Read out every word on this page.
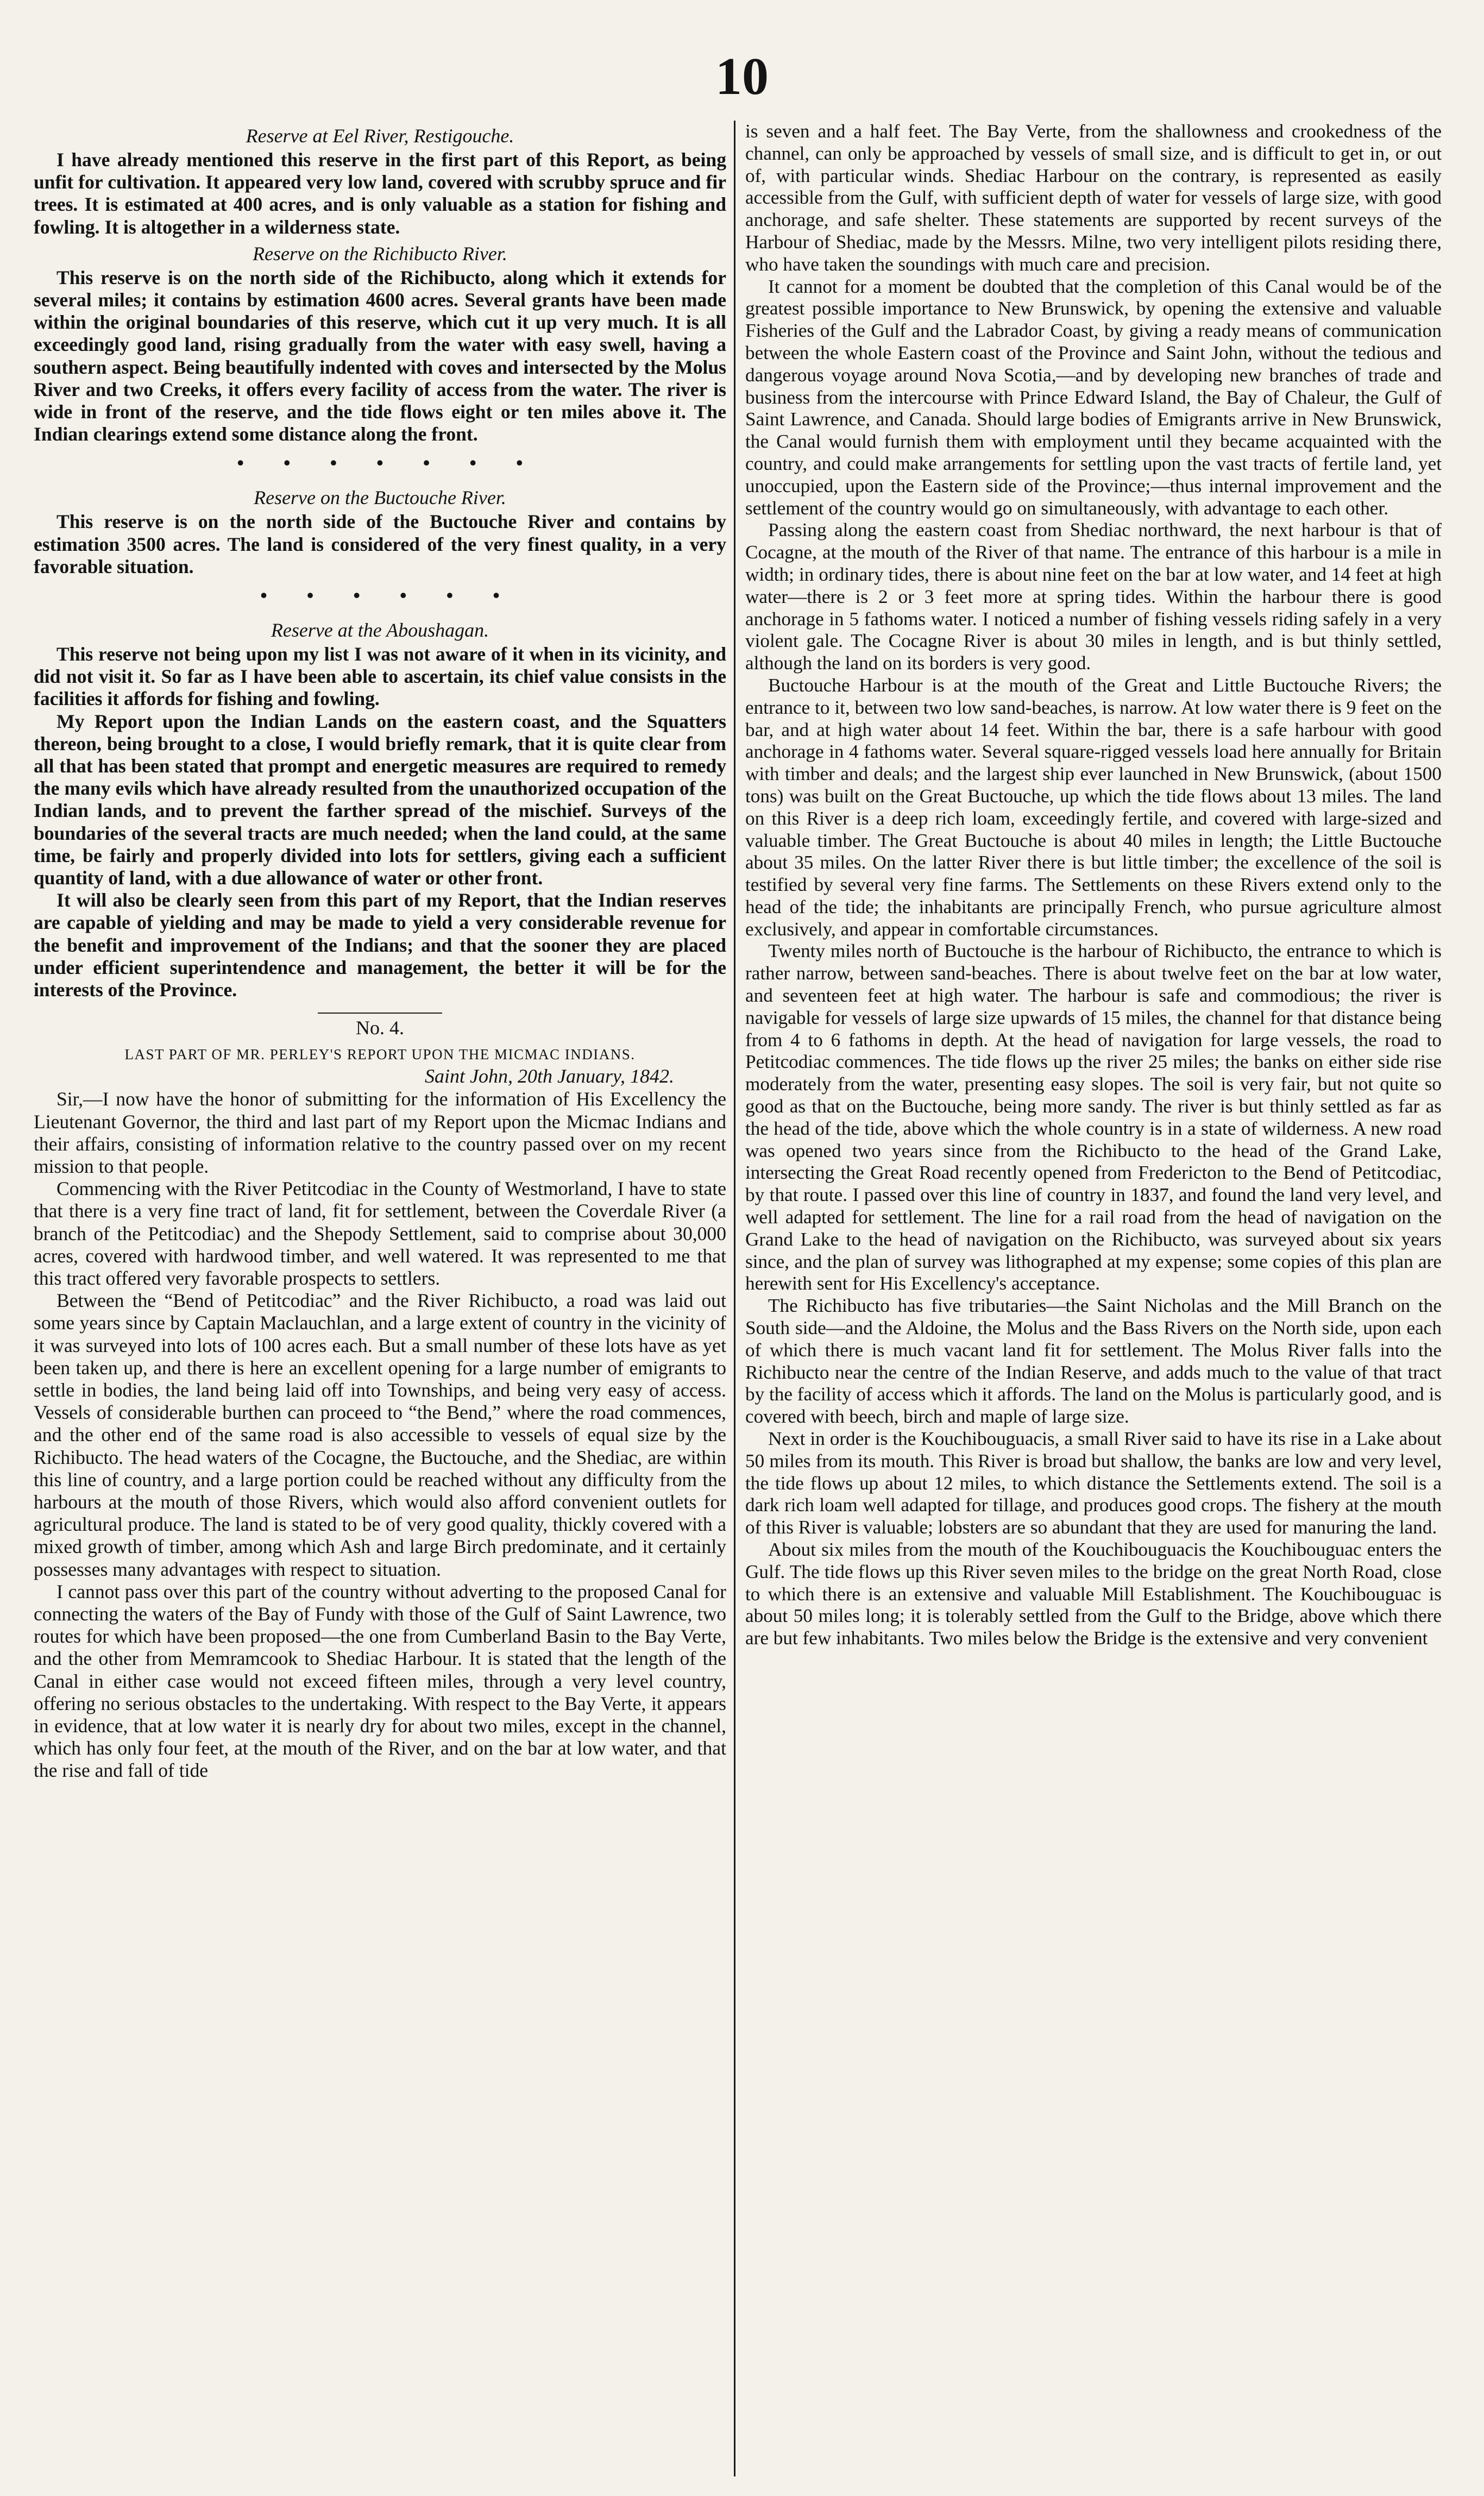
10
Reserve at Eel River, Restigouche.

I have already mentioned this reserve in the first part of this Report, as being unfit for cultivation. It appeared very low land, covered with scrubby spruce and fir trees. It is estimated at 400 acres, and is only valuable as a station for fishing and fowling. It is altogether in a wilderness state.

Reserve on the Richibucto River.

This reserve is on the north side of the Richibucto, along which it extends for several miles; it contains by estimation 4600 acres. Several grants have been made within the original boundaries of this reserve, which cut it up very much. It is all exceedingly good land, rising gradually from the water with easy swell, having a southern aspect. Being beautifully indented with coves and intersected by the Molus River and two Creeks, it offers every facility of access from the water. The river is wide in front of the reserve, and the tide flows eight or ten miles above it. The Indian clearings extend some distance along the front.

• • • • • • •
Reserve on the Buctouche River.

This reserve is on the north side of the Buctouche River and contains by estimation 3500 acres. The land is considered of the very finest quality, in a very favorable situation.

• • • • • •
Reserve at the Aboushagan.

This reserve not being upon my list I was not aware of it when in its vicinity, and did not visit it. So far as I have been able to ascertain, its chief value consists in the facilities it affords for fishing and fowling.

My Report upon the Indian Lands on the eastern coast, and the Squatters thereon, being brought to a close, I would briefly remark, that it is quite clear from all that has been stated that prompt and energetic measures are required to remedy the many evils which have already resulted from the unauthorized occupation of the Indian lands, and to prevent the farther spread of the mischief. Surveys of the boundaries of the several tracts are much needed; when the land could, at the same time, be fairly and properly divided into lots for settlers, giving each a sufficient quantity of land, with a due allowance of water or other front.

It will also be clearly seen from this part of my Report, that the Indian reserves are capable of yielding and may be made to yield a very considerable revenue for the benefit and improvement of the Indians; and that the sooner they are placed under efficient superintendence and management, the better it will be for the interests of the Province.

No. 4.
LAST PART OF MR. PERLEY'S REPORT UPON THE MICMAC INDIANS.
Saint John, 20th January, 1842.

Sir,—I now have the honor of submitting for the information of His Excellency the Lieutenant Governor, the third and last part of my Report upon the Micmac Indians and their affairs, consisting of information relative to the country passed over on my recent mission to that people.

Commencing with the River Petitcodiac in the County of Westmorland, I have to state that there is a very fine tract of land, fit for settlement, between the Coverdale River (a branch of the Petitcodiac) and the Shepody Settlement, said to comprise about 30,000 acres, covered with hardwood timber, and well watered. It was represented to me that this tract offered very favorable prospects to settlers.

Between the “Bend of Petitcodiac” and the River Richibucto, a road was laid out some years since by Captain Maclauchlan, and a large extent of country in the vicinity of it was surveyed into lots of 100 acres each. But a small number of these lots have as yet been taken up, and there is here an excellent opening for a large number of emigrants to settle in bodies, the land being laid off into Townships, and being very easy of access. Vessels of considerable burthen can proceed to “the Bend,” where the road commences, and the other end of the same road is also accessible to vessels of equal size by the Richibucto. The head waters of the Cocagne, the Buctouche, and the Shediac, are within this line of country, and a large portion could be reached without any difficulty from the harbours at the mouth of those Rivers, which would also afford convenient outlets for agricultural produce. The land is stated to be of very good quality, thickly covered with a mixed growth of timber, among which Ash and large Birch predominate, and it certainly possesses many advantages with respect to situation.

I cannot pass over this part of the country without adverting to the proposed Canal for connecting the waters of the Bay of Fundy with those of the Gulf of Saint Lawrence, two routes for which have been proposed—the one from Cumberland Basin to the Bay Verte, and the other from Memramcook to Shediac Harbour. It is stated that the length of the Canal in either case would not exceed fifteen miles, through a very level country, offering no serious obstacles to the undertaking. With respect to the Bay Verte, it appears in evidence, that at low water it is nearly dry for about two miles, except in the channel, which has only four feet, at the mouth of the River, and on the bar at low water, and that the rise and fall of tide

is seven and a half feet. The Bay Verte, from the shallowness and crookedness of the channel, can only be approached by vessels of small size, and is difficult to get in, or out of, with particular winds. Shediac Harbour on the contrary, is represented as easily accessible from the Gulf, with sufficient depth of water for vessels of large size, with good anchorage, and safe shelter. These statements are supported by recent surveys of the Harbour of Shediac, made by the Messrs. Milne, two very intelligent pilots residing there, who have taken the soundings with much care and precision.

It cannot for a moment be doubted that the completion of this Canal would be of the greatest possible importance to New Brunswick, by opening the extensive and valuable Fisheries of the Gulf and the Labrador Coast, by giving a ready means of communication between the whole Eastern coast of the Province and Saint John, without the tedious and dangerous voyage around Nova Scotia,—and by developing new branches of trade and business from the intercourse with Prince Edward Island, the Bay of Chaleur, the Gulf of Saint Lawrence, and Canada. Should large bodies of Emigrants arrive in New Brunswick, the Canal would furnish them with employment until they became acquainted with the country, and could make arrangements for settling upon the vast tracts of fertile land, yet unoccupied, upon the Eastern side of the Province;—thus internal improvement and the settlement of the country would go on simultaneously, with advantage to each other.

Passing along the eastern coast from Shediac northward, the next harbour is that of Cocagne, at the mouth of the River of that name. The entrance of this harbour is a mile in width; in ordinary tides, there is about nine feet on the bar at low water, and 14 feet at high water—there is 2 or 3 feet more at spring tides. Within the harbour there is good anchorage in 5 fathoms water. I noticed a number of fishing vessels riding safely in a very violent gale. The Cocagne River is about 30 miles in length, and is but thinly settled, although the land on its borders is very good.

Buctouche Harbour is at the mouth of the Great and Little Buctouche Rivers; the entrance to it, between two low sand-beaches, is narrow. At low water there is 9 feet on the bar, and at high water about 14 feet. Within the bar, there is a safe harbour with good anchorage in 4 fathoms water. Several square-rigged vessels load here annually for Britain with timber and deals; and the largest ship ever launched in New Brunswick, (about 1500 tons) was built on the Great Buctouche, up which the tide flows about 13 miles. The land on this River is a deep rich loam, exceedingly fertile, and covered with large-sized and valuable timber. The Great Buctouche is about 40 miles in length; the Little Buctouche about 35 miles. On the latter River there is but little timber; the excellence of the soil is testified by several very fine farms. The Settlements on these Rivers extend only to the head of the tide; the inhabitants are principally French, who pursue agriculture almost exclusively, and appear in comfortable circumstances.

Twenty miles north of Buctouche is the harbour of Richibucto, the entrance to which is rather narrow, between sand-beaches. There is about twelve feet on the bar at low water, and seventeen feet at high water. The harbour is safe and commodious; the river is navigable for vessels of large size upwards of 15 miles, the channel for that distance being from 4 to 6 fathoms in depth. At the head of navigation for large vessels, the road to Petitcodiac commences. The tide flows up the river 25 miles; the banks on either side rise moderately from the water, presenting easy slopes. The soil is very fair, but not quite so good as that on the Buctouche, being more sandy. The river is but thinly settled as far as the head of the tide, above which the whole country is in a state of wilderness. A new road was opened two years since from the Richibucto to the head of the Grand Lake, intersecting the Great Road recently opened from Fredericton to the Bend of Petitcodiac, by that route. I passed over this line of country in 1837, and found the land very level, and well adapted for settlement. The line for a rail road from the head of navigation on the Grand Lake to the head of navigation on the Richibucto, was surveyed about six years since, and the plan of survey was lithographed at my expense; some copies of this plan are herewith sent for His Excellency's acceptance.

The Richibucto has five tributaries—the Saint Nicholas and the Mill Branch on the South side—and the Aldoine, the Molus and the Bass Rivers on the North side, upon each of which there is much vacant land fit for settlement. The Molus River falls into the Richibucto near the centre of the Indian Reserve, and adds much to the value of that tract by the facility of access which it affords. The land on the Molus is particularly good, and is covered with beech, birch and maple of large size.

Next in order is the Kouchibouguacis, a small River said to have its rise in a Lake about 50 miles from its mouth. This River is broad but shallow, the banks are low and very level, the tide flows up about 12 miles, to which distance the Settlements extend. The soil is a dark rich loam well adapted for tillage, and produces good crops. The fishery at the mouth of this River is valuable; lobsters are so abundant that they are used for manuring the land.

About six miles from the mouth of the Kouchibouguacis the Kouchibouguac enters the Gulf. The tide flows up this River seven miles to the bridge on the great North Road, close to which there is an extensive and valuable Mill Establishment. The Kouchibouguac is about 50 miles long; it is tolerably settled from the Gulf to the Bridge, above which there are but few inhabitants. Two miles below the Bridge is the extensive and very convenient
